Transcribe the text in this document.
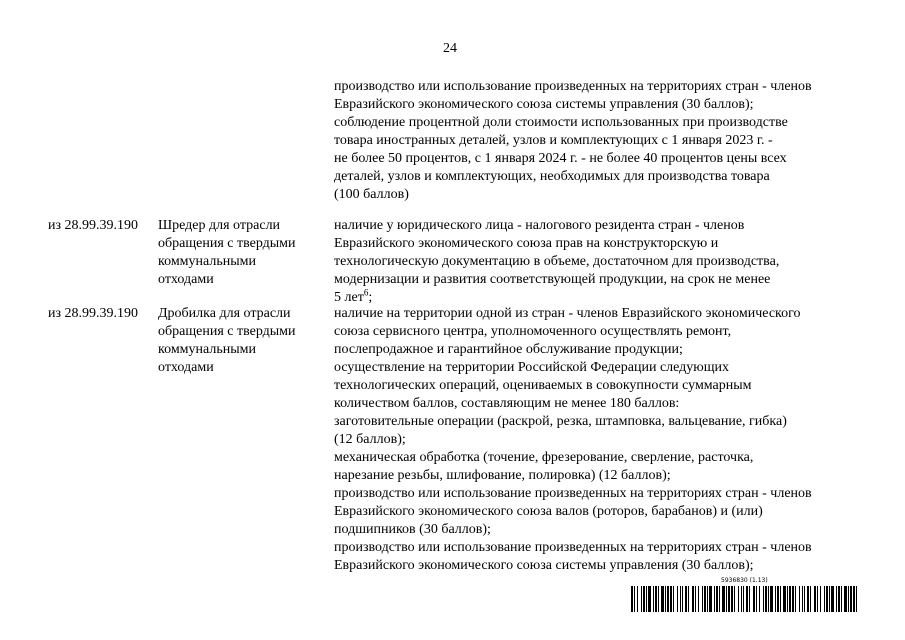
24
производство или использование произведенных на территориях стран - членов
Евразийского экономического союза системы управления (30 баллов);
соблюдение процентной доли стоимости использованных при производстве
товара иностранных деталей, узлов и комплектующих с 1 января 2023 г. -
не более 50 процентов, с 1 января 2024 г. - не более 40 процентов цены всех
деталей, узлов и комплектующих, необходимых для производства товара
(100 баллов)
из 28.99.39.190	Шредер для отрасли
обращения с твердыми
коммунальными
отходами
наличие у юридического лица - налогового резидента стран - членов
Евразийского экономического союза прав на конструкторскую и
технологическую документацию в объеме, достаточном для производства,
модернизации и развития соответствующей продукции, на срок не менее
5 лет$^6$;
из 28.99.39.190	Дробилка для отрасли
обращения с твердыми
коммунальными
отходами
наличие на территории одной из стран - членов Евразийского экономического
союза сервисного центра, уполномоченного осуществлять ремонт,
послепродажное и гарантийное обслуживание продукции;
осуществление на территории Российской Федерации следующих
технологических операций, оцениваемых в совокупности суммарным
количеством баллов, составляющим не менее 180 баллов:
заготовительные операции (раскрой, резка, штамповка, вальцевание, гибка)
(12 баллов);
механическая обработка (точение, фрезерование, сверление, расточка,
нарезание резьбы, шлифование, полировка) (12 баллов);
производство или использование произведенных на территориях стран - членов
Евразийского экономического союза валов (роторов, барабанов) и (или)
подшипников (30 баллов);
производство или использование произведенных на территориях стран - членов
Евразийского экономического союза системы управления (30 баллов);
5936830 (1.13)
